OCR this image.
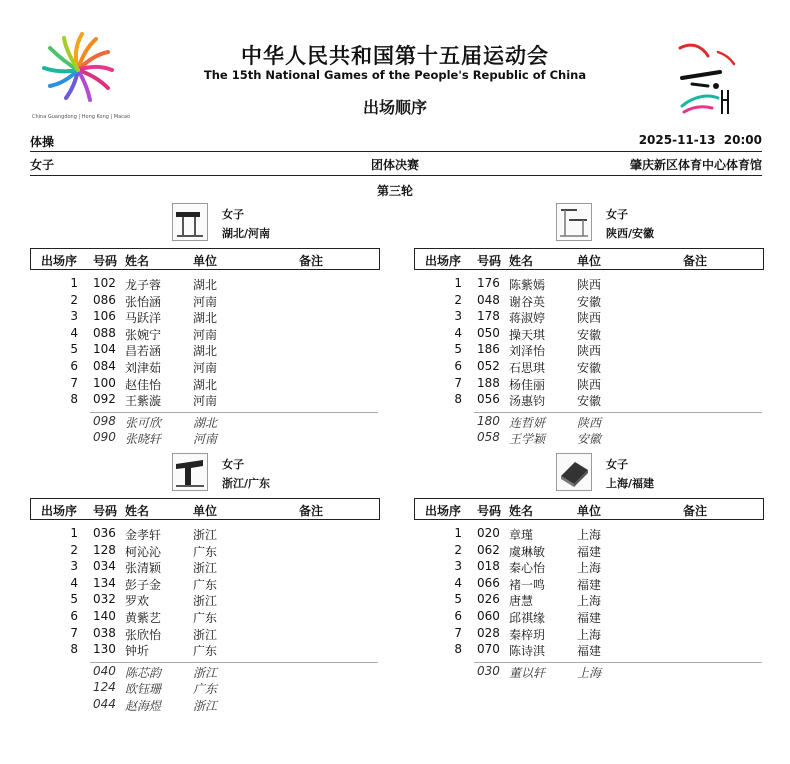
China Guangdong | Hong Kong | Macao
中华人民共和国第十五届运动会
The 15th National Games of the People's Republic of China
出场顺序
体操	2025-11-13  20:00
女子	团体决赛	肇庆新区体育中心体育馆
第三轮
女子
湖北/河南
出场序 号码 姓名	单位	备注
1 102 龙子蓉	湖北
2 086 张怡涵	河南
3 106 马跃洋	湖北
4 088 张婉宁	河南
5 104 昌若涵	湖北
6 084 刘津茹	河南
7 100 赵佳怡	湖北
8 092 王紫漩	河南
098 张可欣	湖北
090 张晓轩	河南
女子
陕西/安徽
出场序 号码 姓名	单位	备注
1 176 陈紫嫣	陕西
2 048 谢谷英	安徽
3 178 蒋淑婷	陕西
4 050 操天琪	安徽
5 186 刘泽怡	陕西
6 052 石思琪	安徽
7 188 杨佳丽	陕西
8 056 汤惠钧	安徽
180 连哲妍	陕西
058 王学颖	安徽
女子
浙江/广东
出场序 号码 姓名	单位	备注
1 036 金孝轩	浙江
2 128 柯沁沁	广东
3 034 张清颖	浙江
4 134 彭子金	广东
5 032 罗欢	浙江
6 140 黄紫艺	广东
7 038 张欣怡	浙江
8 130 钟圻	广东
040 陈芯韵	浙江
124 欧钰珊	广东
044 赵海煜	浙江
女子
上海/福建
出场序 号码 姓名	单位	备注
1 020 章瑾	上海
2 062 虞琳敏	福建
3 018 秦心怡	上海
4 066 褚一鸣	福建
5 026 唐慧	上海
6 060 邱祺缘	福建
7 028 秦梓玥	上海
8 070 陈诗淇	福建
030 董以轩	上海
